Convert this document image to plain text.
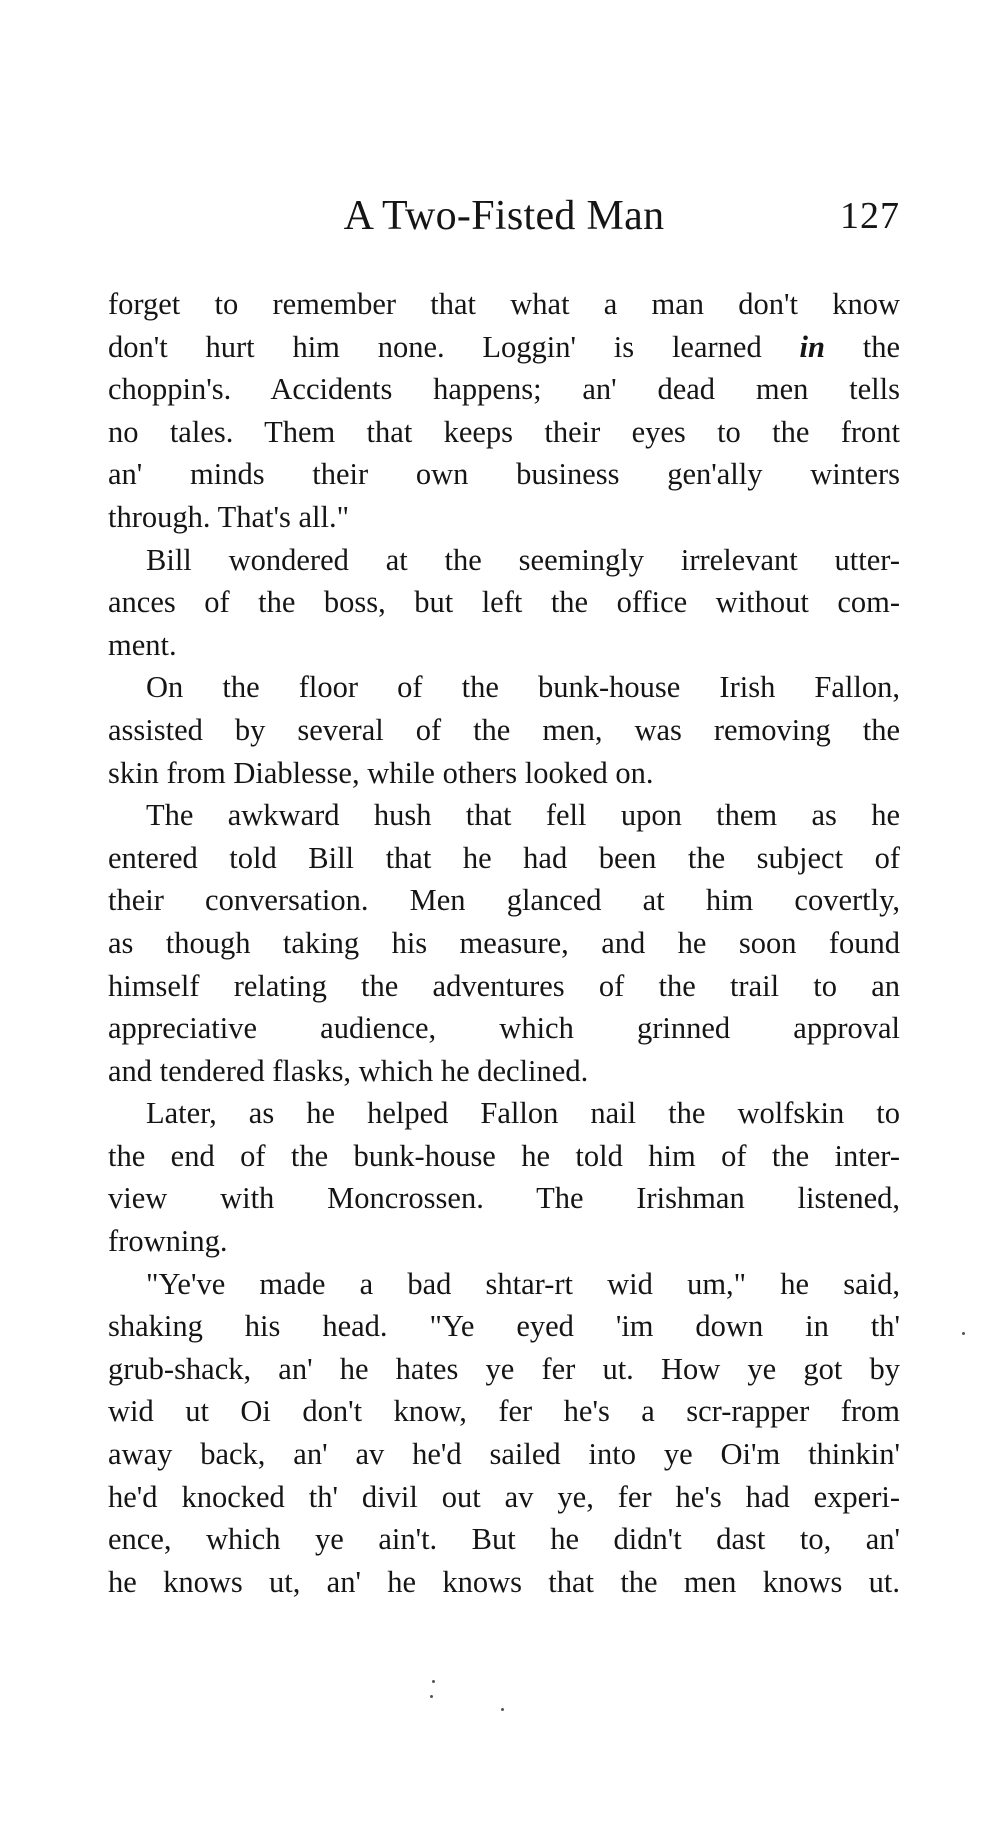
A Two-Fisted Man	127

forget to remember that what a man don't know
don't hurt him none. Loggin' is learned in the
choppin's. Accidents happens; an' dead men tells
no tales. Them that keeps their eyes to the front
an' minds their own business gen'ally winters
through. That's all."

Bill wondered at the seemingly irrelevant utter-
ances of the boss, but left the office without com-
ment.

On the floor of the bunk-house Irish Fallon,
assisted by several of the men, was removing the
skin from Diablesse, while others looked on.

The awkward hush that fell upon them as he
entered told Bill that he had been the subject of
their conversation. Men glanced at him covertly,
as though taking his measure, and he soon found
himself relating the adventures of the trail to an
appreciative audience, which grinned approval
and tendered flasks, which he declined.

Later, as he helped Fallon nail the wolfskin to
the end of the bunk-house he told him of the inter-
view with Moncrossen. The Irishman listened,
frowning.

"Ye've made a bad shtar-rt wid um," he said,
shaking his head. "Ye eyed 'im down in th'
grub-shack, an' he hates ye fer ut. How ye got by
wid ut Oi don't know, fer he's a scr-rapper from
away back, an' av he'd sailed into ye Oi'm thinkin'
he'd knocked th' divil out av ye, fer he's had experi-
ence, which ye ain't. But he didn't dast to, an'
he knows ut, an' he knows that the men knows ut.
